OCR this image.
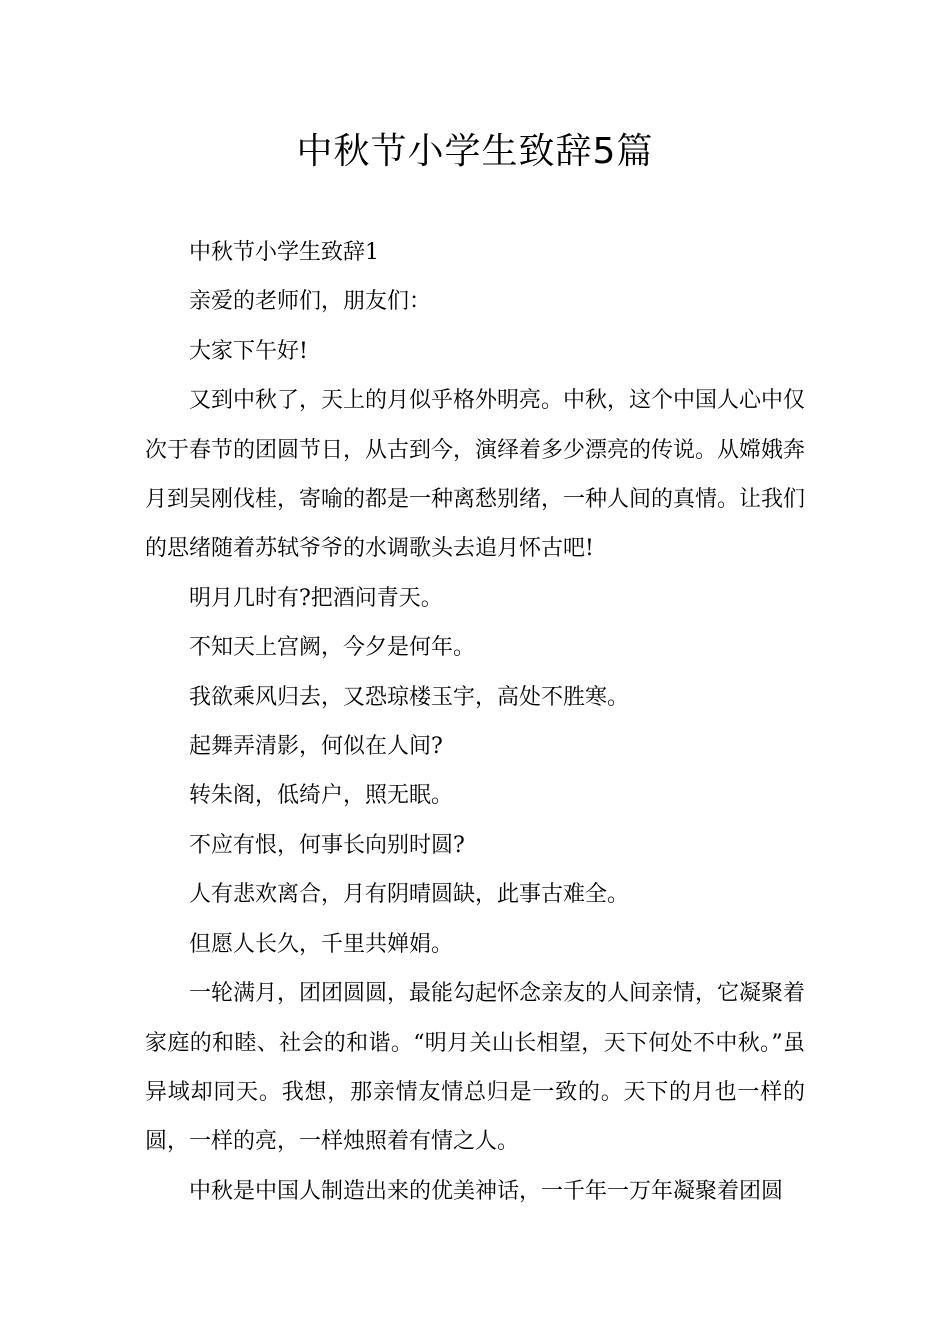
中秋节小学生致辞5篇

中秋节小学生致辞1

亲爱的老师们，朋友们：

大家下午好!

又到中秋了，天上的月似乎格外明亮。中秋，这个中国人心中仅次于春节的团圆节日，从古到今，演绎着多少漂亮的传说。从嫦娥奔月到吴刚伐桂，寄喻的都是一种离愁别绪，一种人间的真情。让我们的思绪随着苏轼爷爷的水调歌头去追月怀古吧!

明月几时有?把酒问青天。

不知天上宫阙，今夕是何年。

我欲乘风归去，又恐琼楼玉宇，高处不胜寒。

起舞弄清影，何似在人间?

转朱阁，低绮户，照无眠。

不应有恨，何事长向别时圆?

人有悲欢离合，月有阴晴圆缺，此事古难全。

但愿人长久，千里共婵娟。

一轮满月，团团圆圆，最能勾起怀念亲友的人间亲情，它凝聚着家庭的和睦、社会的和谐。“明月关山长相望，天下何处不中秋。”虽异域却同天。我想，那亲情友情总归是一致的。天下的月也一样的圆，一样的亮，一样烛照着有情之人。

中秋是中国人制造出来的优美神话，一千年一万年凝聚着团圆
